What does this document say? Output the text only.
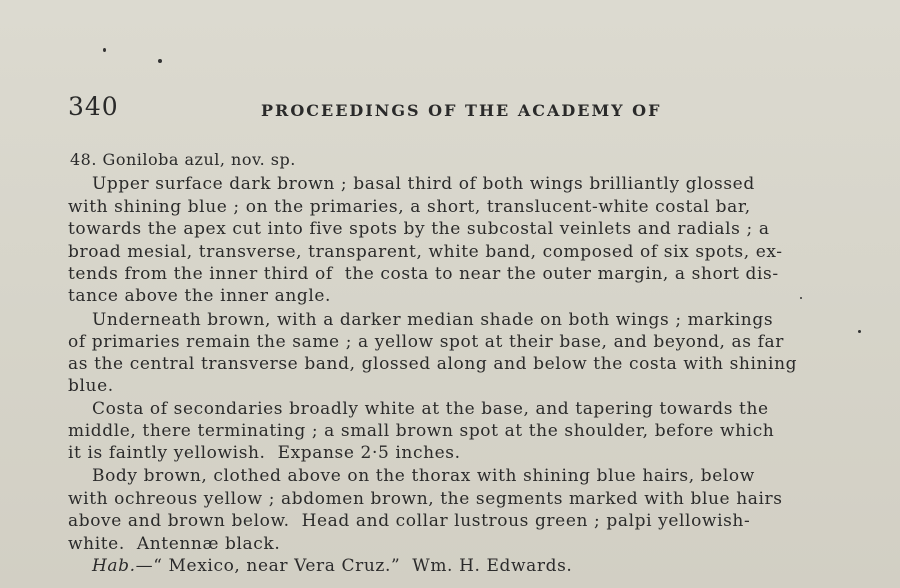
340	PROCEEDINGS OF THE ACADEMY OF
48. Goniloba azul, nov. sp.
Upper surface dark brown ; basal third of both wings brilliantly glossed
with shining blue ; on the primaries, a short, translucent-white costal bar,
towards the apex cut into five spots by the subcostal veinlets and radials ; a
broad mesial, transverse, transparent, white band, composed of six spots, ex-
tends from the inner third of  the costa to near the outer margin, a short dis-
tance above the inner angle.
Underneath brown, with a darker median shade on both wings ; markings
of primaries remain the same ; a yellow spot at their base, and beyond, as far
as the central transverse band, glossed along and below the costa with shining
blue.
Costa of secondaries broadly white at the base, and tapering towards the
middle, there terminating ; a small brown spot at the shoulder, before which
it is faintly yellowish.  Expanse 2·5 inches.
Body brown, clothed above on the thorax with shining blue hairs, below
with ochreous yellow ; abdomen brown, the segments marked with blue hairs
above and brown below.  Head and collar lustrous green ; palpi yellowish-
white.  Antennæ black.
Hab.—“ Mexico, near Vera Cruz.”  Wm. H. Edwards.
